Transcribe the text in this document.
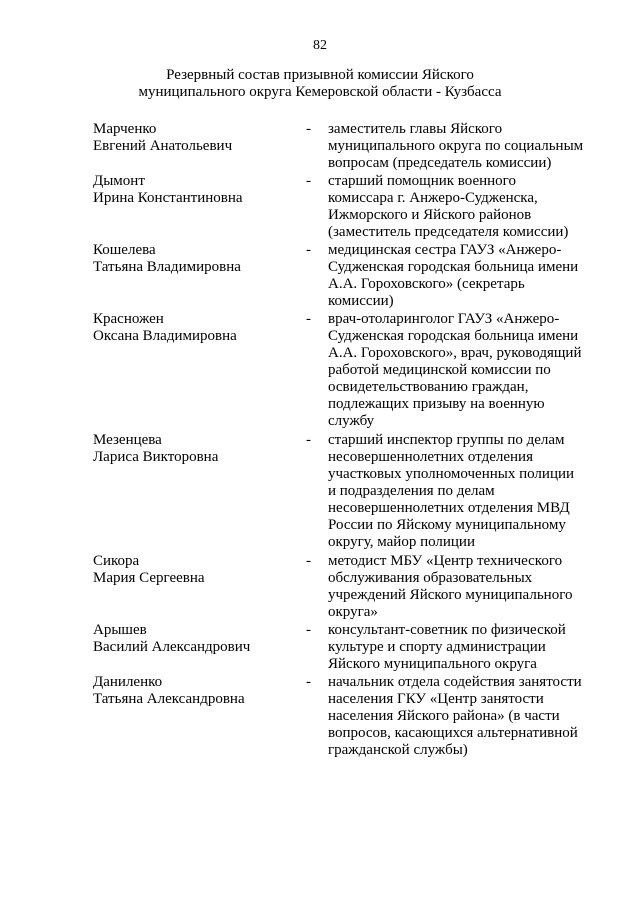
82
Резервный состав призывной комиссии Яйского
муниципального округа Кемеровской области - Кузбасса
Марченко
Евгений Анатольевич
-	заместитель главы Яйского
муниципального округа по социальным
вопросам (председатель комиссии)
Дымонт
Ирина Константиновна
-	старший помощник военного
комиссара г. Анжеро-Судженска,
Ижморского и Яйского районов
(заместитель председателя комиссии)
Кошелева
Татьяна Владимировна
-	медицинская сестра ГАУЗ «Анжеро-
Судженская городская больница имени
А.А. Гороховского» (секретарь
комиссии)
Красножен
Оксана Владимировна
-	врач-отоларинголог ГАУЗ «Анжеро-
Судженская городская больница имени
А.А. Гороховского», врач, руководящий
работой медицинской комиссии по
освидетельствованию граждан,
подлежащих призыву на военную
службу
Мезенцева
Лариса Викторовна
-	старший инспектор группы по делам
несовершеннолетних отделения
участковых уполномоченных полиции
и подразделения по делам
несовершеннолетних отделения МВД
России по Яйскому муниципальному
округу, майор полиции
Сикора
Мария Сергеевна
-	методист МБУ «Центр технического
обслуживания образовательных
учреждений Яйского муниципального
округа»
Арышев
Василий Александрович
-	консультант-советник по физической
культуре и спорту администрации
Яйского муниципального округа
Даниленко
Татьяна Александровна
-	начальник отдела содействия занятости
населения ГКУ «Центр занятости
населения Яйского района» (в части
вопросов, касающихся альтернативной
гражданской службы)
